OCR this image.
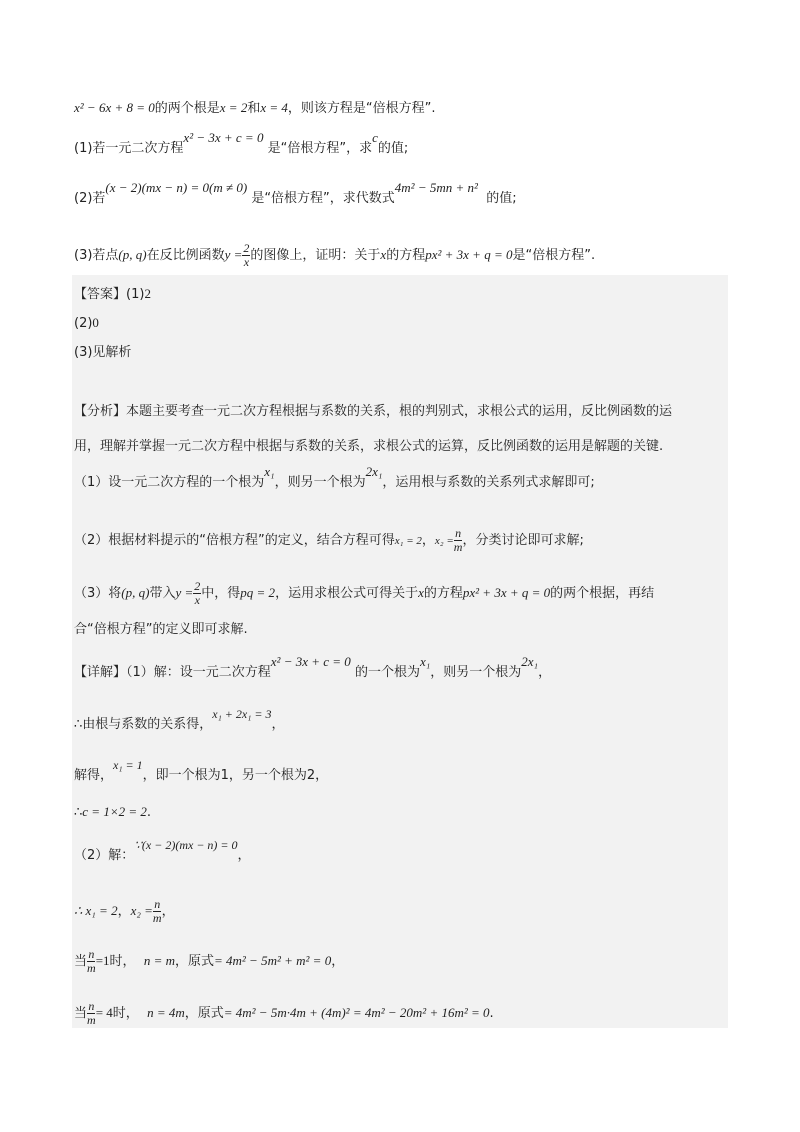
x² − 6x + 8 = 0的两个根是x = 2和x = 4，则该方程是“倍根方程”.
(1)若一元二次方程x² − 3x + c = 0 是“倍根方程”，求c的值;
(2)若(x − 2)(mx − n) = 0(m ≠ 0) 是“倍根方程”，求代数式4m² − 5mn + n²  的值;
(3)若点(p, q)在反比例函数$y = \frac{2}{x}$ 的图像上，证明：关于x的方程px² + 3x + q = 0是“倍根方程”.
【答案】(1)2
(2)0
(3)见解析
【分析】本题主要考查一元二次方程根据与系数的关系，根的判别式，求根公式的运用，反比例函数的运
用，理解并掌握一元二次方程中根据与系数的关系，求根公式的运算，反比例函数的运用是解题的关键.
（1）设一元二次方程的一个根为x₁，则另一个根为2x₁，运用根与系数的关系列式求解即可;
（2）根据材料提示的“倍根方程”的定义，结合方程可得x₁ = 2，$x_2 = \frac{n}{m}$ ，分类讨论即可求解;
（3）将(p, q)带入$y = \frac{2}{x}$ 中，得pq = 2，运用求根公式可得关于x的方程px² + 3x + q = 0的两个根据，再结
合“倍根方程”的定义即可求解.
【详解】（1）解：设一元二次方程x² − 3x + c = 0 的一个根为x₁，则另一个根为2x₁，
∴由根与系数的关系得，x₁ + 2x₁ = 3，
解得，x₁ = 1，即一个根为1，另一个根为2，
∴c = 1×2 = 2.
（2）解：∵(x − 2)(mx − n) = 0，
∴ x₁ = 2，$x_2 = \frac{n}{m}$ ，
当 $\frac{n}{m} =1$时， n = m，原式= 4m² − 5m² + m² = 0，
当 $\frac{n}{m} = 4$时， n = 4m，原式= 4m² − 5m·4m + (4m)² = 4m² − 20m² + 16m² = 0.
